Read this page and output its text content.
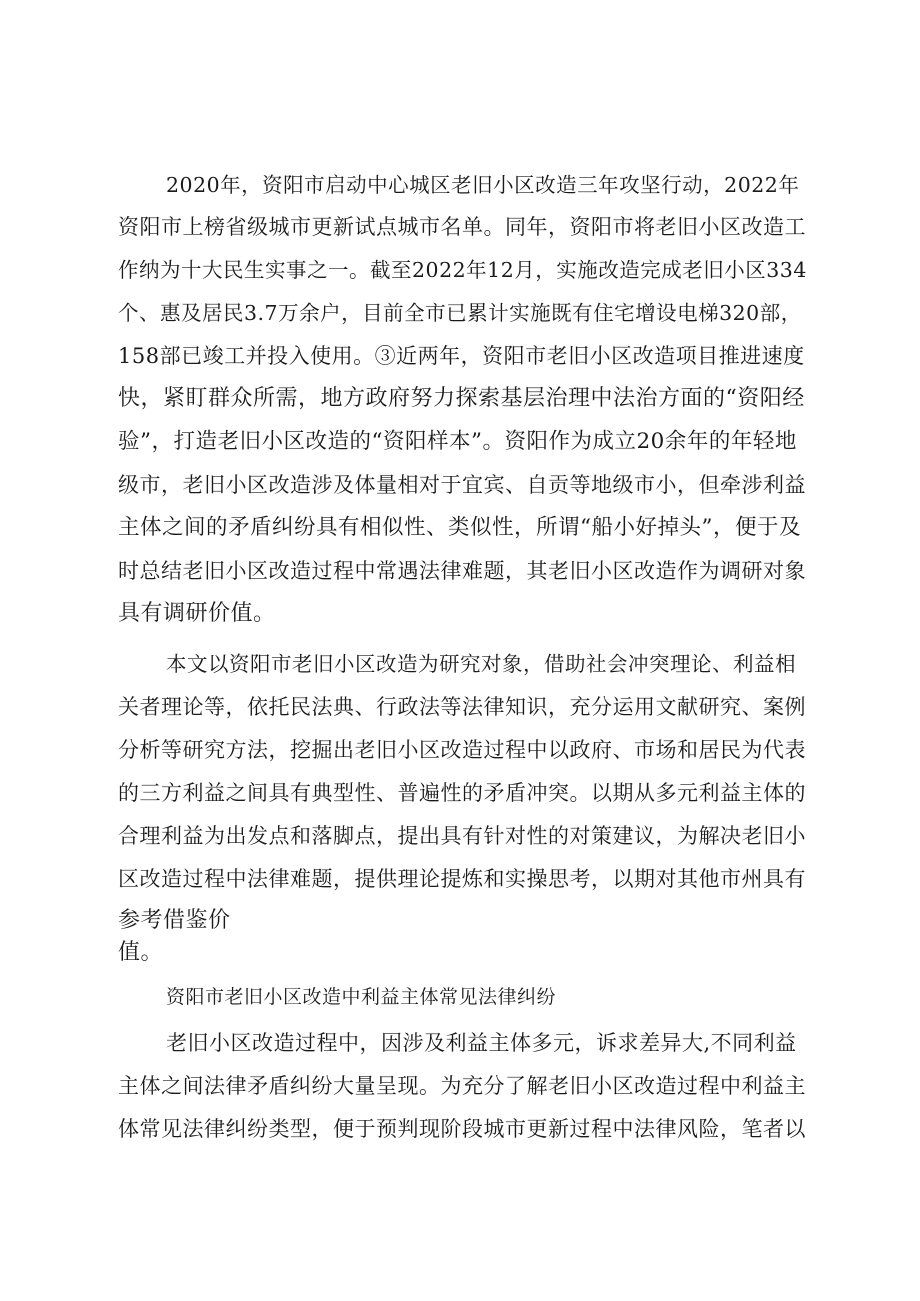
2020年，资阳市启动中心城区老旧小区改造三年攻坚行动，2022年
资阳市上榜省级城市更新试点城市名单。同年，资阳市将老旧小区改造工
作纳为十大民生实事之一。截至2022年12月，实施改造完成老旧小区334
个、惠及居民3.7万余户，目前全市已累计实施既有住宅增设电梯320部，
158部已竣工并投入使用。③近两年，资阳市老旧小区改造项目推进速度
快，紧盯群众所需，地方政府努力探索基层治理中法治方面的“资阳经
验”，打造老旧小区改造的“资阳样本”。资阳作为成立20余年的年轻地
级市，老旧小区改造涉及体量相对于宜宾、自贡等地级市小，但牵涉利益
主体之间的矛盾纠纷具有相似性、类似性，所谓“船小好掉头”，便于及
时总结老旧小区改造过程中常遇法律难题，其老旧小区改造作为调研对象
具有调研价值。
本文以资阳市老旧小区改造为研究对象，借助社会冲突理论、利益相
关者理论等，依托民法典、行政法等法律知识，充分运用文献研究、案例
分析等研究方法，挖掘出老旧小区改造过程中以政府、市场和居民为代表
的三方利益之间具有典型性、普遍性的矛盾冲突。以期从多元利益主体的
合理利益为出发点和落脚点，提出具有针对性的对策建议，为解决老旧小
区改造过程中法律难题，提供理论提炼和实操思考，以期对其他市州具有
参考借鉴价
值。
资阳市老旧小区改造中利益主体常见法律纠纷
老旧小区改造过程中，因涉及利益主体多元，诉求差异大,不同利益
主体之间法律矛盾纠纷大量呈现。为充分了解老旧小区改造过程中利益主
体常见法律纠纷类型，便于预判现阶段城市更新过程中法律风险，笔者以
